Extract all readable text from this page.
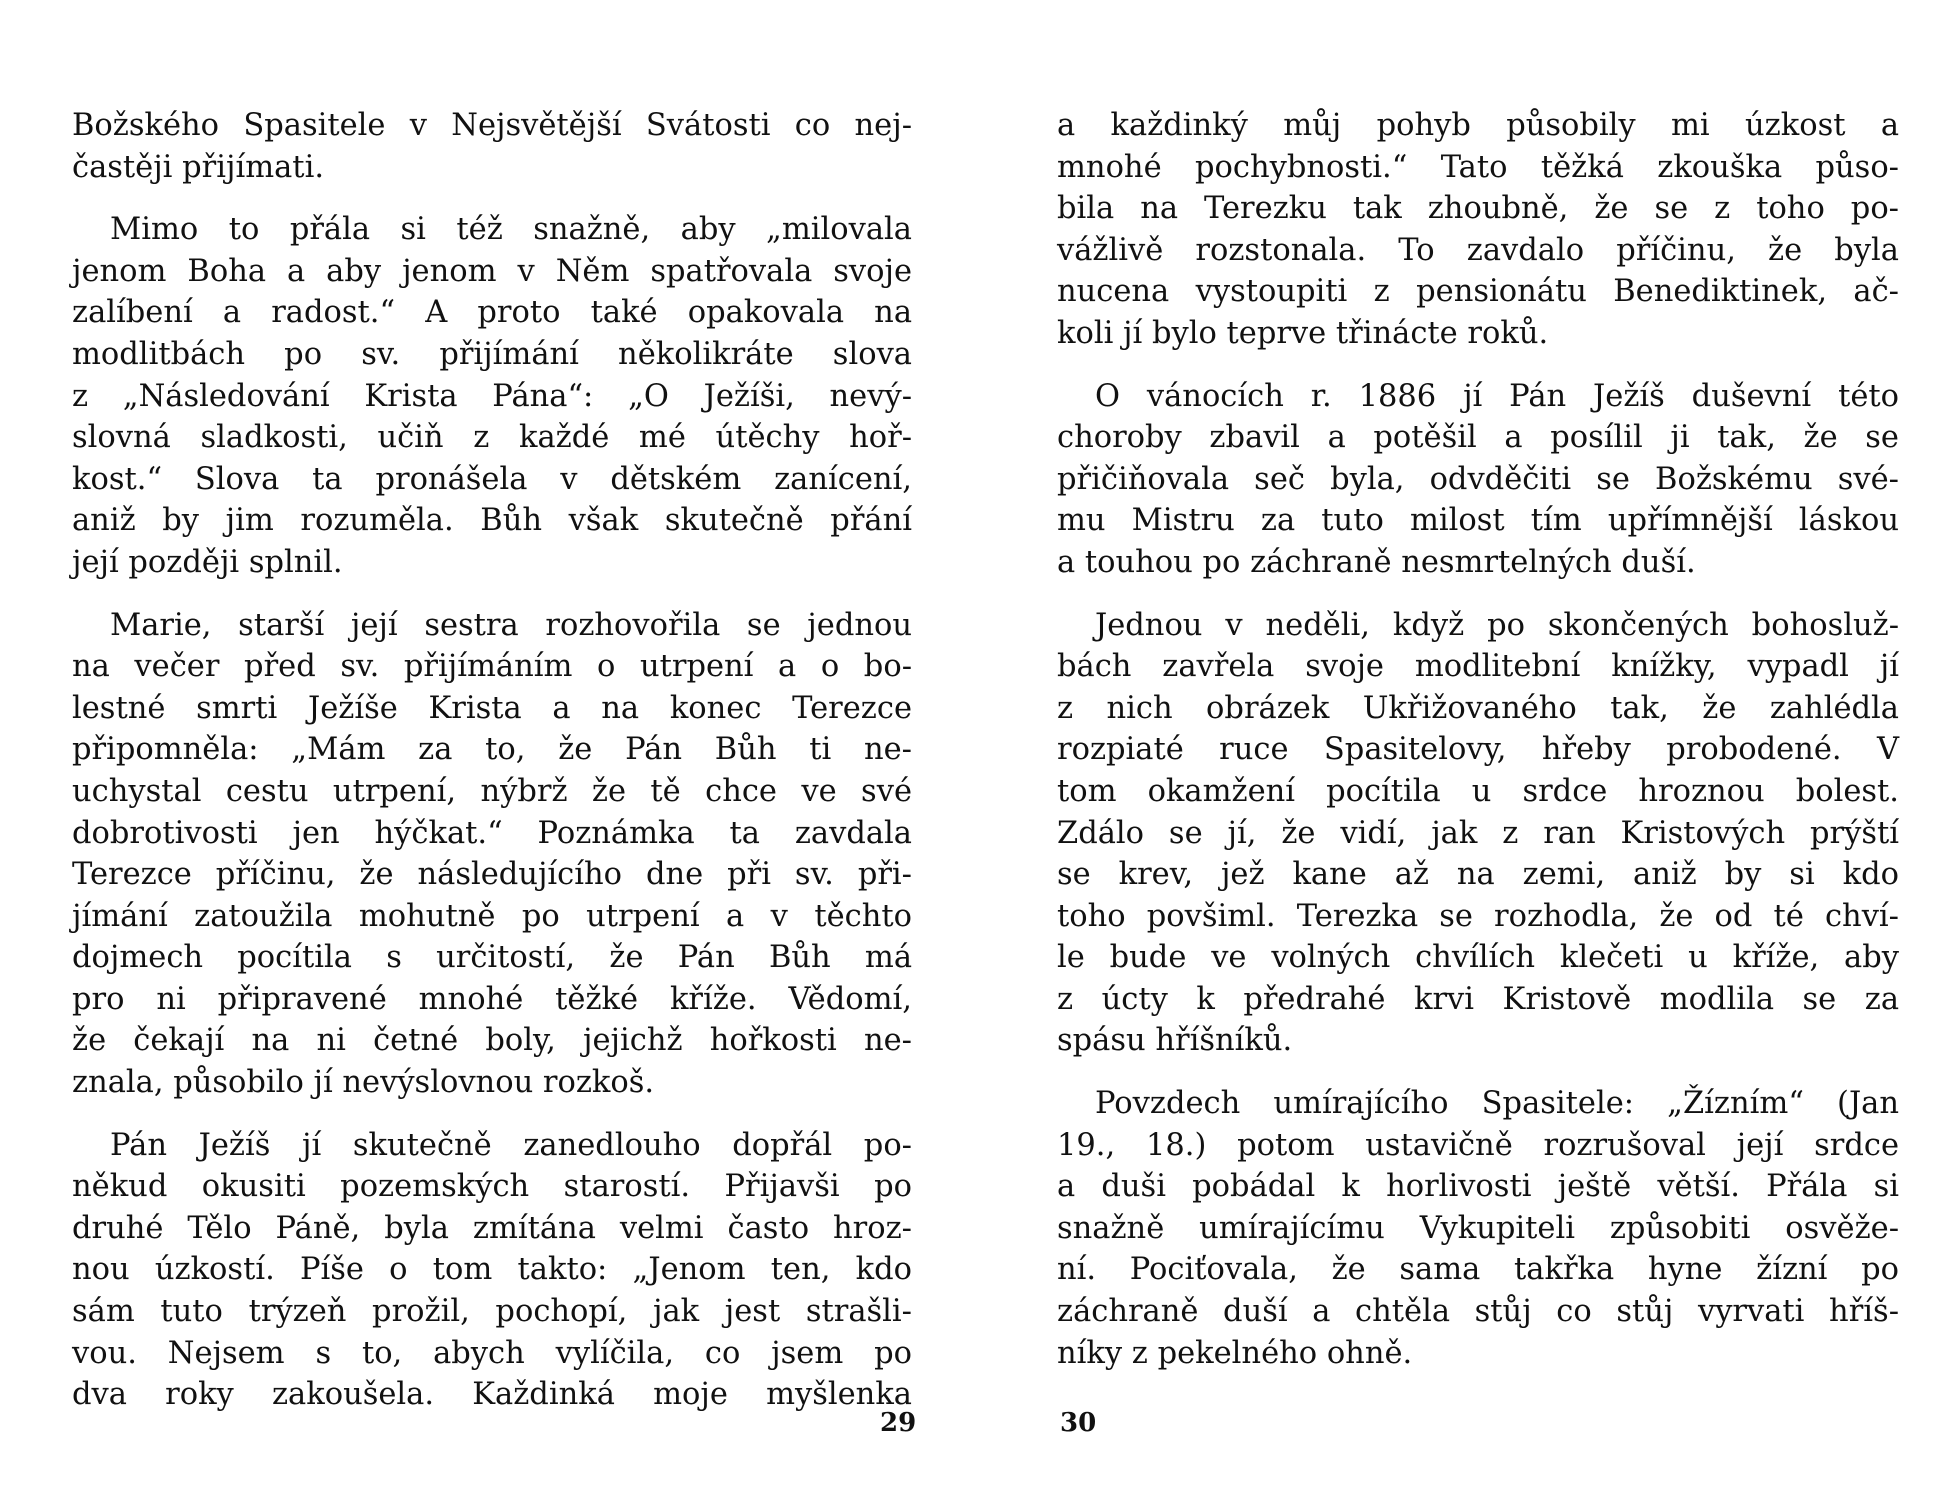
Božského Spasitele v Nejsvětější Svátosti co nej-
častěji přijímati.
Mimo to přála si též snažně, aby „milovala
jenom Boha a aby jenom v Něm spatřovala svoje
zalíbení a radost.“ A proto také opakovala na
modlitbách po sv. přijímání několikráte slova
z „Následování Krista Pána“: „O Ježíši, nevý-
slovná sladkosti, učiň z každé mé útěchy hoř-
kost.“ Slova ta pronášela v dětském zanícení,
aniž by jim rozuměla. Bůh však skutečně přání
její později splnil.
Marie, starší její sestra rozhovořila se jednou
na večer před sv. přijímáním o utrpení a o bo-
lestné smrti Ježíše Krista a na konec Terezce
připomněla: „Mám za to, že Pán Bůh ti ne-
uchystal cestu utrpení, nýbrž že tě chce ve své
dobrotivosti jen hýčkat.“ Poznámka ta zavdala
Terezce příčinu, že následujícího dne při sv. při-
jímání zatoužila mohutně po utrpení a v těchto
dojmech pocítila s určitostí, že Pán Bůh má
pro ni připravené mnohé těžké kříže. Vědomí,
že čekají na ni četné boly, jejichž hořkosti ne-
znala, působilo jí nevýslovnou rozkoš.
Pán Ježíš jí skutečně zanedlouho dopřál po-
někud okusiti pozemských starostí. Přijavši po
druhé Tělo Páně, byla zmítána velmi často hroz-
nou úzkostí. Píše o tom takto: „Jenom ten, kdo
sám tuto trýzeň prožil, pochopí, jak jest strašli-
vou. Nejsem s to, abych vylíčila, co jsem po
dva roky zakoušela. Každinká moje myšlenka
a každinký můj pohyb působily mi úzkost a
mnohé pochybnosti.“ Tato těžká zkouška půso-
bila na Terezku tak zhoubně, že se z toho po-
vážlivě rozstonala. To zavdalo příčinu, že byla
nucena vystoupiti z pensionátu Benediktinek, ač-
koli jí bylo teprve třinácte roků.
O vánocích r. 1886 jí Pán Ježíš duševní této
choroby zbavil a potěšil a posílil ji tak, že se
přičiňovala seč byla, odvděčiti se Božskému své-
mu Mistru za tuto milost tím upřímnější láskou
a touhou po záchraně nesmrtelných duší.
Jednou v neděli, když po skončených bohosluž-
bách zavřela svoje modlitební knížky, vypadl jí
z nich obrázek Ukřižovaného tak, že zahlédla
rozpiaté ruce Spasitelovy, hřeby probodené. V
tom okamžení pocítila u srdce hroznou bolest.
Zdálo se jí, že vidí, jak z ran Kristových prýští
se krev, jež kane až na zemi, aniž by si kdo
toho povšiml. Terezka se rozhodla, že od té chví-
le bude ve volných chvílích klečeti u kříže, aby
z úcty k předrahé krvi Kristově modlila se za
spásu hříšníků.
Povzdech umírajícího Spasitele: „Žízním“ (Jan
19., 18.) potom ustavičně rozrušoval její srdce
a duši pobádal k horlivosti ještě větší. Přála si
snažně umírajícímu Vykupiteli způsobiti osvěže-
ní. Pociťovala, že sama takřka hyne žízní po
záchraně duší a chtěla stůj co stůj vyrvati hříš-
níky z pekelného ohně.
29	30
